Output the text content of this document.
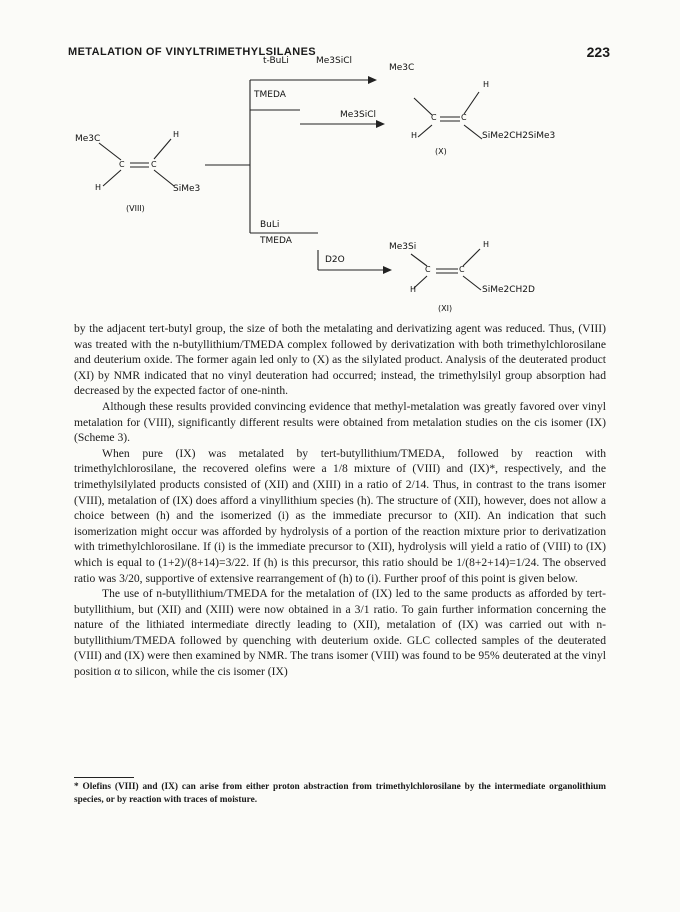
METALATION OF VINYLTRIMETHYLSILANES	223
Me3C	H
C	C
H	SiMe3
(VIII)
t-BuLi	Me3SiCl
TMEDA
Me3C
H
Me3SiCl	C	C
H	SiMe2CH2SiMe3
(X)
BuLi
TMEDA
D2O
Me3Si	H
C	C
H	SiMe2CH2D
(XI)

by the adjacent tert-butyl group, the size of both the metalating and derivatizing agent was reduced. Thus, (VIII) was treated with the n-butyllithium/TMEDA complex followed by derivatization with both trimethylchlorosilane and deuterium oxide. The former again led only to (X) as the silylated product. Analysis of the deuterated product (XI) by NMR indicated that no vinyl deuteration had occurred; instead, the trimethylsilyl group absorption had decreased by the expected factor of one-ninth.

Although these results provided convincing evidence that methyl-metalation was greatly favored over vinyl metalation for (VIII), significantly different results were obtained from metalation studies on the cis isomer (IX) (Scheme 3).

When pure (IX) was metalated by tert-butyllithium/TMEDA, followed by reaction with trimethylchlorosilane, the recovered olefins were a 1/8 mixture of (VIII) and (IX)*, respectively, and the trimethylsilylated products consisted of (XII) and (XIII) in a ratio of 2/14. Thus, in contrast to the trans isomer (VIII), metalation of (IX) does afford a vinyllithium species (h). The structure of (XII), however, does not allow a choice between (h) and the isomerized (i) as the immediate precursor to (XII). An indication that such isomerization might occur was afforded by hydrolysis of a portion of the reaction mixture prior to derivatization with trimethylchlorosilane. If (i) is the immediate precursor to (XII), hydrolysis will yield a ratio of (VIII) to (IX) which is equal to (1+2)/(8+14)=3/22. If (h) is this precursor, this ratio should be 1/(8+2+14)=1/24. The observed ratio was 3/20, supportive of extensive rearrangement of (h) to (i). Further proof of this point is given below.

The use of n-butyllithium/TMEDA for the metalation of (IX) led to the same products as afforded by tert-butyllithium, but (XII) and (XIII) were now obtained in a 3/1 ratio. To gain further information concerning the nature of the lithiated intermediate directly leading to (XII), metalation of (IX) was carried out with n-butyllithium/TMEDA followed by quenching with deuterium oxide. GLC collected samples of the deuterated (VIII) and (IX) were then examined by NMR. The trans isomer (VIII) was found to be 95% deuterated at the vinyl position α to silicon, while the cis isomer (IX)

* Olefins (VIII) and (IX) can arise from either proton abstraction from trimethylchlorosilane by the intermediate organolithium species, or by reaction with traces of moisture.
